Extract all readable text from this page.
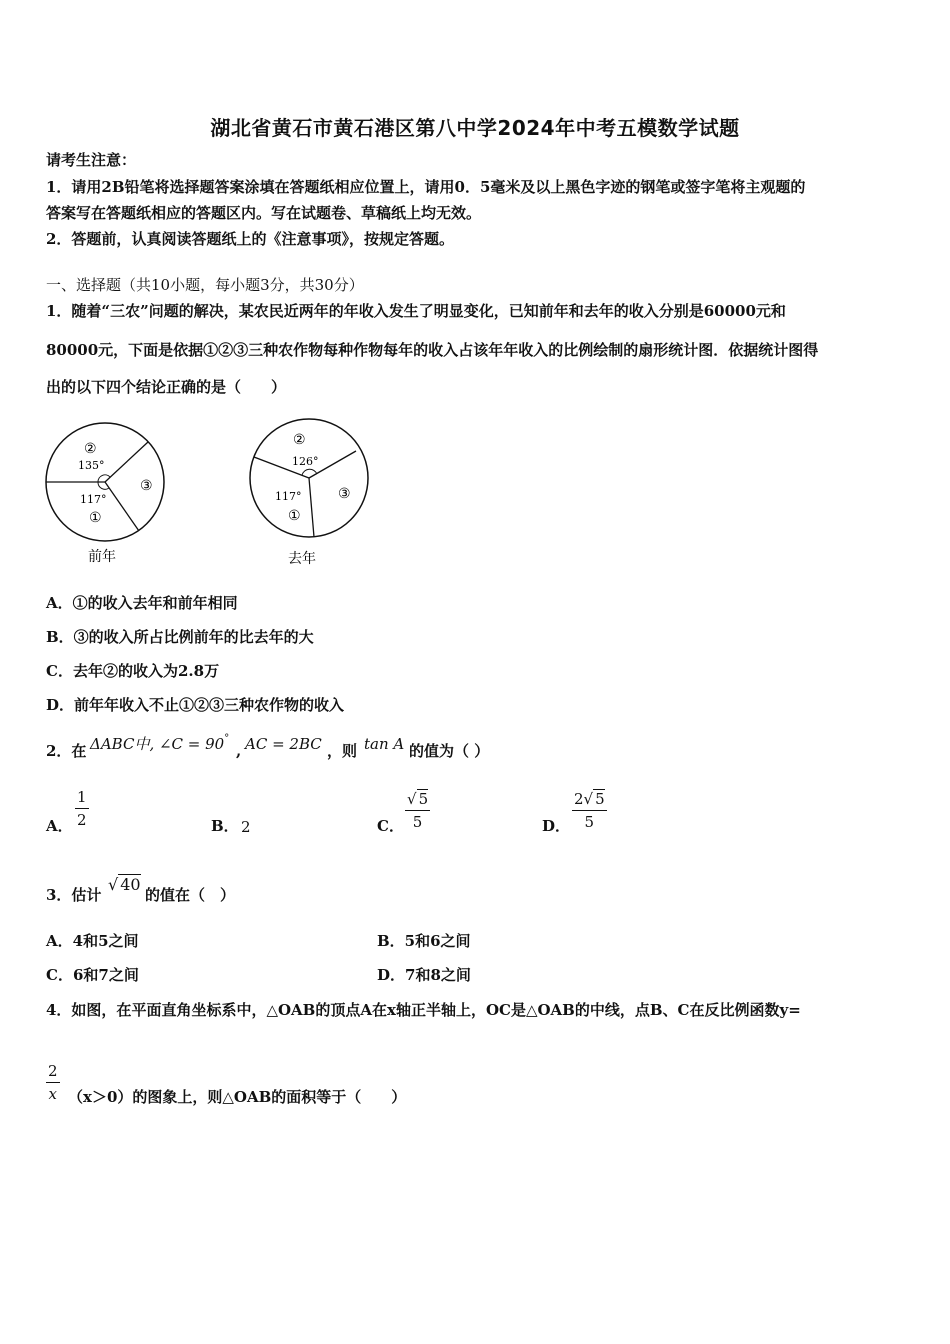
湖北省黄石市黄石港区第八中学2024年中考五模数学试题
请考生注意：
1．请用2B铅笔将选择题答案涂填在答题纸相应位置上，请用0．5毫米及以上黑色字迹的钢笔或签字笔将主观题的
答案写在答题纸相应的答题区内。写在试题卷、草稿纸上均无效。
2．答题前，认真阅读答题纸上的《注意事项》，按规定答题。
一、选择题（共10小题，每小题3分，共30分）
1．随着“三农”问题的解决，某农民近两年的年收入发生了明显变化，已知前年和去年的收入分别是60000元和
80000元，下面是依据①②③三种农作物每种作物每年的收入占该年年收入的比例绘制的扇形统计图．依据统计图得
出的以下四个结论正确的是（　　）
②
135°
117°
①
③
前年
②
126°
117°
①
③
去年
A．①的收入去年和前年相同
B．③的收入所占比例前年的比去年的大
C．去年②的收入为2.8万
D．前年年收入不止①②③三种农作物的收入
2．在 ΔABC中, ∠C = 90°
, AC = 2BC ，则 tan A 的值为（ ）
A． $\frac{1}{2}$	B． 2	C． $\frac{√ 5}{5}$	D． $\frac{2√ 5}{5}$
3．估计
√ 40
的值在（　）
A．4和5之间	B．5和6之间
C．6和7之间	D．7和8之间
4．如图，在平面直角坐标系中，△OAB的顶点A在x轴正半轴上，OC是△OAB的中线，点B、C在反比例函数y=
$\frac{2}{x} (x>0)$的图象上，则△OAB的面积等于（　　）
